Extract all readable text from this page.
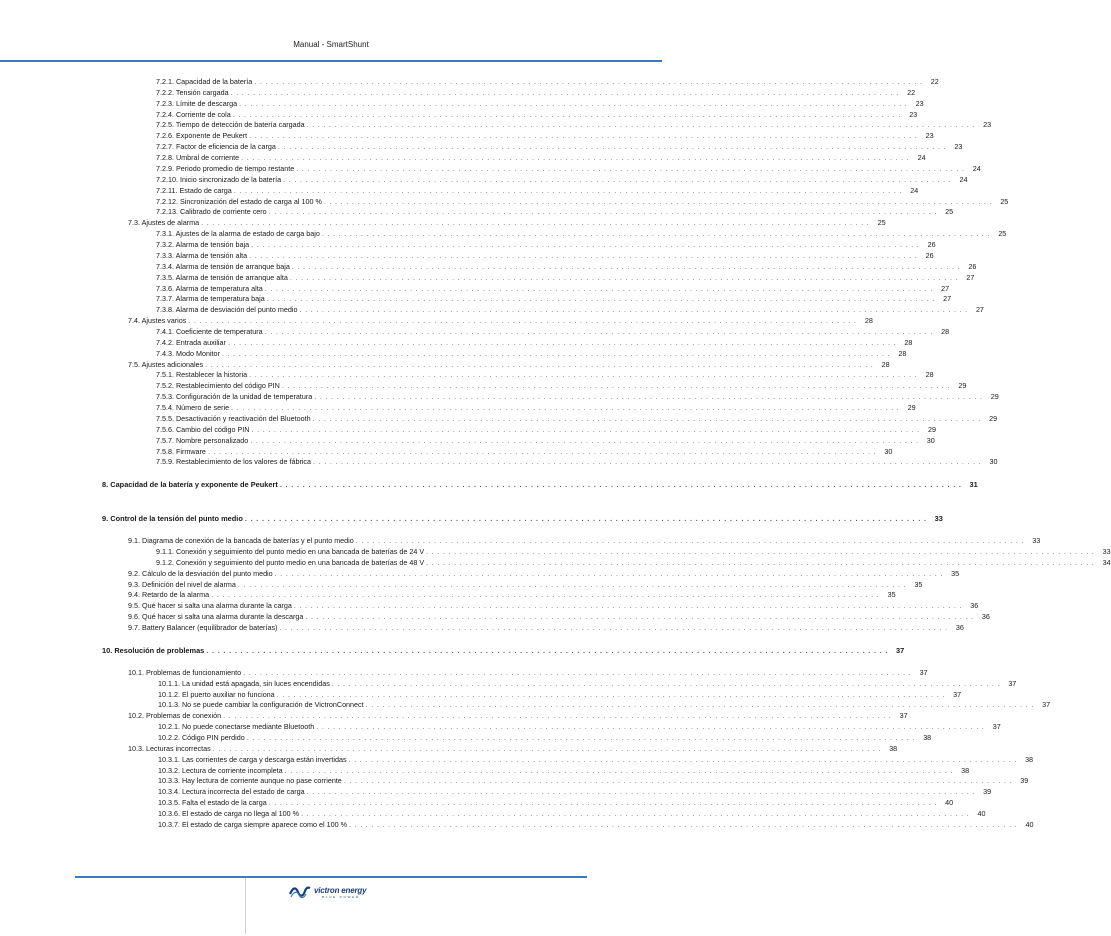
Manual - SmartShunt
7.2.1. Capacidad de la batería . . . . . . . . . . . . . . . . . . . . . . . . . . . . . . . . . . . . . . . . . . . . . . . . . . . . . . . . . . . . . . . . . . . . . . . . . . . . . . . . . . . . . . . . . . . . . . . . . . . . . . . . . . . . . . . . . . . . . . . .	22
7.2.2. Tensión cargada . . . . . . . . . . . . . . . . . . . . . . . . . . . . . . . . . . . . . . . . . . . . . . . . . . . . . . . . . . . . . . . . . . . . . . . . . . . . . . . . . . . . . . . . . . . . . . . . . . . . . . . . . . . . . . . . . . . . . . . .	22
7.2.3. Límite de descarga . . . . . . . . . . . . . . . . . . . . . . . . . . . . . . . . . . . . . . . . . . . . . . . . . . . . . . . . . . . . . . . . . . . . . . . . . . . . . . . . . . . . . . . . . . . . . . . . . . . . . . . . . . . . . . . . . . . . . . . .	23
7.2.4. Corriente de cola . . . . . . . . . . . . . . . . . . . . . . . . . . . . . . . . . . . . . . . . . . . . . . . . . . . . . . . . . . . . . . . . . . . . . . . . . . . . . . . . . . . . . . . . . . . . . . . . . . . . . . . . . . . . . . . . . . . . . . . .	23
7.2.5. Tiempo de detección de batería cargada . . . . . . . . . . . . . . . . . . . . . . . . . . . . . . . . . . . . . . . . . . . . . . . . . . . . . . . . . . . . . . . . . . . . . . . . . . . . . . . . . . . . . . . . . . . . . . . . . . . . . . . . . . . . . . . . . . . . . . . .	23
7.2.6. Exponente de Peukert . . . . . . . . . . . . . . . . . . . . . . . . . . . . . . . . . . . . . . . . . . . . . . . . . . . . . . . . . . . . . . . . . . . . . . . . . . . . . . . . . . . . . . . . . . . . . . . . . . . . . . . . . . . . . . . . . . . . . . . .	23
7.2.7. Factor de eficiencia de la carga . . . . . . . . . . . . . . . . . . . . . . . . . . . . . . . . . . . . . . . . . . . . . . . . . . . . . . . . . . . . . . . . . . . . . . . . . . . . . . . . . . . . . . . . . . . . . . . . . . . . . . . . . . . . . . . . . . . . . . . .	23
7.2.8. Umbral de corriente . . . . . . . . . . . . . . . . . . . . . . . . . . . . . . . . . . . . . . . . . . . . . . . . . . . . . . . . . . . . . . . . . . . . . . . . . . . . . . . . . . . . . . . . . . . . . . . . . . . . . . . . . . . . . . . . . . . . . . . .	24
7.2.9. Periodo promedio de tiempo restante . . . . . . . . . . . . . . . . . . . . . . . . . . . . . . . . . . . . . . . . . . . . . . . . . . . . . . . . . . . . . . . . . . . . . . . . . . . . . . . . . . . . . . . . . . . . . . . . . . . . . . . . . . . . . . . . . . . . . . . .	24
7.2.10. Inicio sincronizado de la batería . . . . . . . . . . . . . . . . . . . . . . . . . . . . . . . . . . . . . . . . . . . . . . . . . . . . . . . . . . . . . . . . . . . . . . . . . . . . . . . . . . . . . . . . . . . . . . . . . . . . . . . . . . . . . . . . . . . . . . . .	24
7.2.11. Estado de carga . . . . . . . . . . . . . . . . . . . . . . . . . . . . . . . . . . . . . . . . . . . . . . . . . . . . . . . . . . . . . . . . . . . . . . . . . . . . . . . . . . . . . . . . . . . . . . . . . . . . . . . . . . . . . . . . . . . . . . . .	24
7.2.12. Sincronización del estado de carga al 100 % . . . . . . . . . . . . . . . . . . . . . . . . . . . . . . . . . . . . . . . . . . . . . . . . . . . . . . . . . . . . . . . . . . . . . . . . . . . . . . . . . . . . . . . . . . . . . . . . . . . . . . . . . . . . . . . . . . . . . . . .	25
7.2.13. Calibrado de corriente cero . . . . . . . . . . . . . . . . . . . . . . . . . . . . . . . . . . . . . . . . . . . . . . . . . . . . . . . . . . . . . . . . . . . . . . . . . . . . . . . . . . . . . . . . . . . . . . . . . . . . . . . . . . . . . . . . . . . . . . . .	25
7.3. Ajustes de alarma . . . . . . . . . . . . . . . . . . . . . . . . . . . . . . . . . . . . . . . . . . . . . . . . . . . . . . . . . . . . . . . . . . . . . . . . . . . . . . . . . . . . . . . . . . . . . . . . . . . . . . . . . . . . . . . . . . . . . . . .	25
7.3.1. Ajustes de la alarma de estado de carga bajo . . . . . . . . . . . . . . . . . . . . . . . . . . . . . . . . . . . . . . . . . . . . . . . . . . . . . . . . . . . . . . . . . . . . . . . . . . . . . . . . . . . . . . . . . . . . . . . . . . . . . . . . . . . . . . . . . . . . . . . .	25
7.3.2. Alarma de tensión baja . . . . . . . . . . . . . . . . . . . . . . . . . . . . . . . . . . . . . . . . . . . . . . . . . . . . . . . . . . . . . . . . . . . . . . . . . . . . . . . . . . . . . . . . . . . . . . . . . . . . . . . . . . . . . . . . . . . . . . . .	26
7.3.3. Alarma de tensión alta . . . . . . . . . . . . . . . . . . . . . . . . . . . . . . . . . . . . . . . . . . . . . . . . . . . . . . . . . . . . . . . . . . . . . . . . . . . . . . . . . . . . . . . . . . . . . . . . . . . . . . . . . . . . . . . . . . . . . . . .	26
7.3.4. Alarma de tensión de arranque baja . . . . . . . . . . . . . . . . . . . . . . . . . . . . . . . . . . . . . . . . . . . . . . . . . . . . . . . . . . . . . . . . . . . . . . . . . . . . . . . . . . . . . . . . . . . . . . . . . . . . . . . . . . . . . . . . . . . . . . . .	26
7.3.5. Alarma de tensión de arranque alta . . . . . . . . . . . . . . . . . . . . . . . . . . . . . . . . . . . . . . . . . . . . . . . . . . . . . . . . . . . . . . . . . . . . . . . . . . . . . . . . . . . . . . . . . . . . . . . . . . . . . . . . . . . . . . . . . . . . . . . .	27
7.3.6. Alarma de temperatura alta . . . . . . . . . . . . . . . . . . . . . . . . . . . . . . . . . . . . . . . . . . . . . . . . . . . . . . . . . . . . . . . . . . . . . . . . . . . . . . . . . . . . . . . . . . . . . . . . . . . . . . . . . . . . . . . . . . . . . . . .	27
7.3.7. Alarma de temperatura baja . . . . . . . . . . . . . . . . . . . . . . . . . . . . . . . . . . . . . . . . . . . . . . . . . . . . . . . . . . . . . . . . . . . . . . . . . . . . . . . . . . . . . . . . . . . . . . . . . . . . . . . . . . . . . . . . . . . . . . . .	27
7.3.8. Alarma de desviación del punto medio . . . . . . . . . . . . . . . . . . . . . . . . . . . . . . . . . . . . . . . . . . . . . . . . . . . . . . . . . . . . . . . . . . . . . . . . . . . . . . . . . . . . . . . . . . . . . . . . . . . . . . . . . . . . . . . . . . . . . . . .	27
7.4. Ajustes varios . . . . . . . . . . . . . . . . . . . . . . . . . . . . . . . . . . . . . . . . . . . . . . . . . . . . . . . . . . . . . . . . . . . . . . . . . . . . . . . . . . . . . . . . . . . . . . . . . . . . . . . . . . . . . . . . . . . . . . . .	28
7.4.1. Coeficiente de temperatura . . . . . . . . . . . . . . . . . . . . . . . . . . . . . . . . . . . . . . . . . . . . . . . . . . . . . . . . . . . . . . . . . . . . . . . . . . . . . . . . . . . . . . . . . . . . . . . . . . . . . . . . . . . . . . . . . . . . . . . .	28
7.4.2. Entrada auxiliar . . . . . . . . . . . . . . . . . . . . . . . . . . . . . . . . . . . . . . . . . . . . . . . . . . . . . . . . . . . . . . . . . . . . . . . . . . . . . . . . . . . . . . . . . . . . . . . . . . . . . . . . . . . . . . . . . . . . . . . .	28
7.4.3. Modo Monitor . . . . . . . . . . . . . . . . . . . . . . . . . . . . . . . . . . . . . . . . . . . . . . . . . . . . . . . . . . . . . . . . . . . . . . . . . . . . . . . . . . . . . . . . . . . . . . . . . . . . . . . . . . . . . . . . . . . . . . . .	28
7.5. Ajustes adicionales . . . . . . . . . . . . . . . . . . . . . . . . . . . . . . . . . . . . . . . . . . . . . . . . . . . . . . . . . . . . . . . . . . . . . . . . . . . . . . . . . . . . . . . . . . . . . . . . . . . . . . . . . . . . . . . . . . . . . . . .	28
7.5.1. Restablecer la historia . . . . . . . . . . . . . . . . . . . . . . . . . . . . . . . . . . . . . . . . . . . . . . . . . . . . . . . . . . . . . . . . . . . . . . . . . . . . . . . . . . . . . . . . . . . . . . . . . . . . . . . . . . . . . . . . . . . . . . . .	28
7.5.2. Restablecimiento del código PIN . . . . . . . . . . . . . . . . . . . . . . . . . . . . . . . . . . . . . . . . . . . . . . . . . . . . . . . . . . . . . . . . . . . . . . . . . . . . . . . . . . . . . . . . . . . . . . . . . . . . . . . . . . . . . . . . . . . . . . . .	29
7.5.3. Configuración de la unidad de temperatura . . . . . . . . . . . . . . . . . . . . . . . . . . . . . . . . . . . . . . . . . . . . . . . . . . . . . . . . . . . . . . . . . . . . . . . . . . . . . . . . . . . . . . . . . . . . . . . . . . . . . . . . . . . . . . . . . . . . . . . .	29
7.5.4. Número de serie . . . . . . . . . . . . . . . . . . . . . . . . . . . . . . . . . . . . . . . . . . . . . . . . . . . . . . . . . . . . . . . . . . . . . . . . . . . . . . . . . . . . . . . . . . . . . . . . . . . . . . . . . . . . . . . . . . . . . . . .	29
7.5.5. Desactivación y reactivación del Bluetooth . . . . . . . . . . . . . . . . . . . . . . . . . . . . . . . . . . . . . . . . . . . . . . . . . . . . . . . . . . . . . . . . . . . . . . . . . . . . . . . . . . . . . . . . . . . . . . . . . . . . . . . . . . . . . . . . . . . . . . . .	29
7.5.6. Cambio del código PIN . . . . . . . . . . . . . . . . . . . . . . . . . . . . . . . . . . . . . . . . . . . . . . . . . . . . . . . . . . . . . . . . . . . . . . . . . . . . . . . . . . . . . . . . . . . . . . . . . . . . . . . . . . . . . . . . . . . . . . . .	29
7.5.7. Nombre personalizado . . . . . . . . . . . . . . . . . . . . . . . . . . . . . . . . . . . . . . . . . . . . . . . . . . . . . . . . . . . . . . . . . . . . . . . . . . . . . . . . . . . . . . . . . . . . . . . . . . . . . . . . . . . . . . . . . . . . . . . .	30
7.5.8. Firmware . . . . . . . . . . . . . . . . . . . . . . . . . . . . . . . . . . . . . . . . . . . . . . . . . . . . . . . . . . . . . . . . . . . . . . . . . . . . . . . . . . . . . . . . . . . . . . . . . . . . . . . . . . . . . . . . . . . . . . . .	30
7.5.9. Restablecimiento de los valores de fábrica . . . . . . . . . . . . . . . . . . . . . . . . . . . . . . . . . . . . . . . . . . . . . . . . . . . . . . . . . . . . . . . . . . . . . . . . . . . . . . . . . . . . . . . . . . . . . . . . . . . . . . . . . . . . . . . . . . . . . . . .	30
8. Capacidad de la batería y exponente de Peukert . . . . . . . . . . . . . . . . . . . . . . . . . . . . . . . . . . . . . . . . . . . . . . . . . . . . . . . . . . . . . . . . . . . . . . . . . . . . . . . . . . . . . . . . . . . . . . . . . . . . . . . . . . . . . . . . . . . . . . . .	31
9. Control de la tensión del punto medio . . . . . . . . . . . . . . . . . . . . . . . . . . . . . . . . . . . . . . . . . . . . . . . . . . . . . . . . . . . . . . . . . . . . . . . . . . . . . . . . . . . . . . . . . . . . . . . . . . . . . . . . . . . . . . . . . . . . . . . .	33
9.1. Diagrama de conexión de la bancada de baterías y el punto medio . . . . . . . . . . . . . . . . . . . . . . . . . . . . . . . . . . . . . . . . . . . . . . . . . . . . . . . . . . . . . . . . . . . . . . . . . . . . . . . . . . . . . . . . . . . . . . . . . . . . . . . . . . . . . . . . . . . . . . . .	33
9.1.1. Conexión y seguimiento del punto medio en una bancada de baterías de 24 V . . . . . . . . . . . . . . . . . . . . . . . . . . . . . . . . . . . . . . . . . . . . . . . . . . . . . . . . . . . . . . . . . . . . . . . . . . . . . . . . . . . . . . . . . . . . . . . . . . . . . . . . . . . . . . . . . . . . . . . .	33
9.1.2. Conexión y seguimiento del punto medio en una bancada de baterías de 48 V . . . . . . . . . . . . . . . . . . . . . . . . . . . . . . . . . . . . . . . . . . . . . . . . . . . . . . . . . . . . . . . . . . . . . . . . . . . . . . . . . . . . . . . . . . . . . . . . . . . . . . . . . . . . . . . . . . . . . . . .	34
9.2. Cálculo de la desviación del punto medio . . . . . . . . . . . . . . . . . . . . . . . . . . . . . . . . . . . . . . . . . . . . . . . . . . . . . . . . . . . . . . . . . . . . . . . . . . . . . . . . . . . . . . . . . . . . . . . . . . . . . . . . . . . . . . . . . . . . . . . .	35
9.3. Definición del nivel de alarma . . . . . . . . . . . . . . . . . . . . . . . . . . . . . . . . . . . . . . . . . . . . . . . . . . . . . . . . . . . . . . . . . . . . . . . . . . . . . . . . . . . . . . . . . . . . . . . . . . . . . . . . . . . . . . . . . . . . . . . .	35
9.4. Retardo de la alarma . . . . . . . . . . . . . . . . . . . . . . . . . . . . . . . . . . . . . . . . . . . . . . . . . . . . . . . . . . . . . . . . . . . . . . . . . . . . . . . . . . . . . . . . . . . . . . . . . . . . . . . . . . . . . . . . . . . . . . . .	35
9.5. Qué hacer si salta una alarma durante la carga . . . . . . . . . . . . . . . . . . . . . . . . . . . . . . . . . . . . . . . . . . . . . . . . . . . . . . . . . . . . . . . . . . . . . . . . . . . . . . . . . . . . . . . . . . . . . . . . . . . . . . . . . . . . . . . . . . . . . . . .	36
9.6. Qué hacer si salta una alarma durante la descarga . . . . . . . . . . . . . . . . . . . . . . . . . . . . . . . . . . . . . . . . . . . . . . . . . . . . . . . . . . . . . . . . . . . . . . . . . . . . . . . . . . . . . . . . . . . . . . . . . . . . . . . . . . . . . . . . . . . . . . . .	36
9.7. Battery Balancer (equilibrador de baterías) . . . . . . . . . . . . . . . . . . . . . . . . . . . . . . . . . . . . . . . . . . . . . . . . . . . . . . . . . . . . . . . . . . . . . . . . . . . . . . . . . . . . . . . . . . . . . . . . . . . . . . . . . . . . . . . . . . . . . . . .	36
10. Resolución de problemas . . . . . . . . . . . . . . . . . . . . . . . . . . . . . . . . . . . . . . . . . . . . . . . . . . . . . . . . . . . . . . . . . . . . . . . . . . . . . . . . . . . . . . . . . . . . . . . . . . . . . . . . . . . . . . . . . . . . . . . .	37
10.1. Problemas de funcionamiento . . . . . . . . . . . . . . . . . . . . . . . . . . . . . . . . . . . . . . . . . . . . . . . . . . . . . . . . . . . . . . . . . . . . . . . . . . . . . . . . . . . . . . . . . . . . . . . . . . . . . . . . . . . . . . . . . . . . . . . .	37
10.1.1. La unidad está apagada, sin luces encendidas . . . . . . . . . . . . . . . . . . . . . . . . . . . . . . . . . . . . . . . . . . . . . . . . . . . . . . . . . . . . . . . . . . . . . . . . . . . . . . . . . . . . . . . . . . . . . . . . . . . . . . . . . . . . . . . . . . . . . . . .	37
10.1.2. El puerto auxiliar no funciona . . . . . . . . . . . . . . . . . . . . . . . . . . . . . . . . . . . . . . . . . . . . . . . . . . . . . . . . . . . . . . . . . . . . . . . . . . . . . . . . . . . . . . . . . . . . . . . . . . . . . . . . . . . . . . . . . . . . . . . .	37
10.1.3. No se puede cambiar la configuración de VictronConnect . . . . . . . . . . . . . . . . . . . . . . . . . . . . . . . . . . . . . . . . . . . . . . . . . . . . . . . . . . . . . . . . . . . . . . . . . . . . . . . . . . . . . . . . . . . . . . . . . . . . . . . . . . . . . . . . . . . . . . . .	37
10.2. Problemas de conexión . . . . . . . . . . . . . . . . . . . . . . . . . . . . . . . . . . . . . . . . . . . . . . . . . . . . . . . . . . . . . . . . . . . . . . . . . . . . . . . . . . . . . . . . . . . . . . . . . . . . . . . . . . . . . . . . . . . . . . . .	37
10.2.1. No puede conectarse mediante Bluetooth . . . . . . . . . . . . . . . . . . . . . . . . . . . . . . . . . . . . . . . . . . . . . . . . . . . . . . . . . . . . . . . . . . . . . . . . . . . . . . . . . . . . . . . . . . . . . . . . . . . . . . . . . . . . . . . . . . . . . . . .	37
10.2.2. Código PIN perdido . . . . . . . . . . . . . . . . . . . . . . . . . . . . . . . . . . . . . . . . . . . . . . . . . . . . . . . . . . . . . . . . . . . . . . . . . . . . . . . . . . . . . . . . . . . . . . . . . . . . . . . . . . . . . . . . . . . . . . . .	38
10.3. Lecturas incorrectas . . . . . . . . . . . . . . . . . . . . . . . . . . . . . . . . . . . . . . . . . . . . . . . . . . . . . . . . . . . . . . . . . . . . . . . . . . . . . . . . . . . . . . . . . . . . . . . . . . . . . . . . . . . . . . . . . . . . . . . .	38
10.3.1. Las corrientes de carga y descarga están invertidas . . . . . . . . . . . . . . . . . . . . . . . . . . . . . . . . . . . . . . . . . . . . . . . . . . . . . . . . . . . . . . . . . . . . . . . . . . . . . . . . . . . . . . . . . . . . . . . . . . . . . . . . . . . . . . . . . . . . . . . .	38
10.3.2. Lectura de corriente incompleta . . . . . . . . . . . . . . . . . . . . . . . . . . . . . . . . . . . . . . . . . . . . . . . . . . . . . . . . . . . . . . . . . . . . . . . . . . . . . . . . . . . . . . . . . . . . . . . . . . . . . . . . . . . . . . . . . . . . . . . .	38
10.3.3. Hay lectura de corriente aunque no pase corriente . . . . . . . . . . . . . . . . . . . . . . . . . . . . . . . . . . . . . . . . . . . . . . . . . . . . . . . . . . . . . . . . . . . . . . . . . . . . . . . . . . . . . . . . . . . . . . . . . . . . . . . . . . . . . . . . . . . . . . . .	39
10.3.4. Lectura incorrecta del estado de carga . . . . . . . . . . . . . . . . . . . . . . . . . . . . . . . . . . . . . . . . . . . . . . . . . . . . . . . . . . . . . . . . . . . . . . . . . . . . . . . . . . . . . . . . . . . . . . . . . . . . . . . . . . . . . . . . . . . . . . . .	39
10.3.5. Falta el estado de la carga . . . . . . . . . . . . . . . . . . . . . . . . . . . . . . . . . . . . . . . . . . . . . . . . . . . . . . . . . . . . . . . . . . . . . . . . . . . . . . . . . . . . . . . . . . . . . . . . . . . . . . . . . . . . . . . . . . . . . . . .	40
10.3.6. El estado de carga no llega al 100 % . . . . . . . . . . . . . . . . . . . . . . . . . . . . . . . . . . . . . . . . . . . . . . . . . . . . . . . . . . . . . . . . . . . . . . . . . . . . . . . . . . . . . . . . . . . . . . . . . . . . . . . . . . . . . . . . . . . . . . . .	40
10.3.7. El estado de carga siempre aparece como el 100 % . . . . . . . . . . . . . . . . . . . . . . . . . . . . . . . . . . . . . . . . . . . . . . . . . . . . . . . . . . . . . . . . . . . . . . . . . . . . . . . . . . . . . . . . . . . . . . . . . . . . . . . . . . . . . . . . . . . . . . . .	40
victron energy
BLUE POWER
